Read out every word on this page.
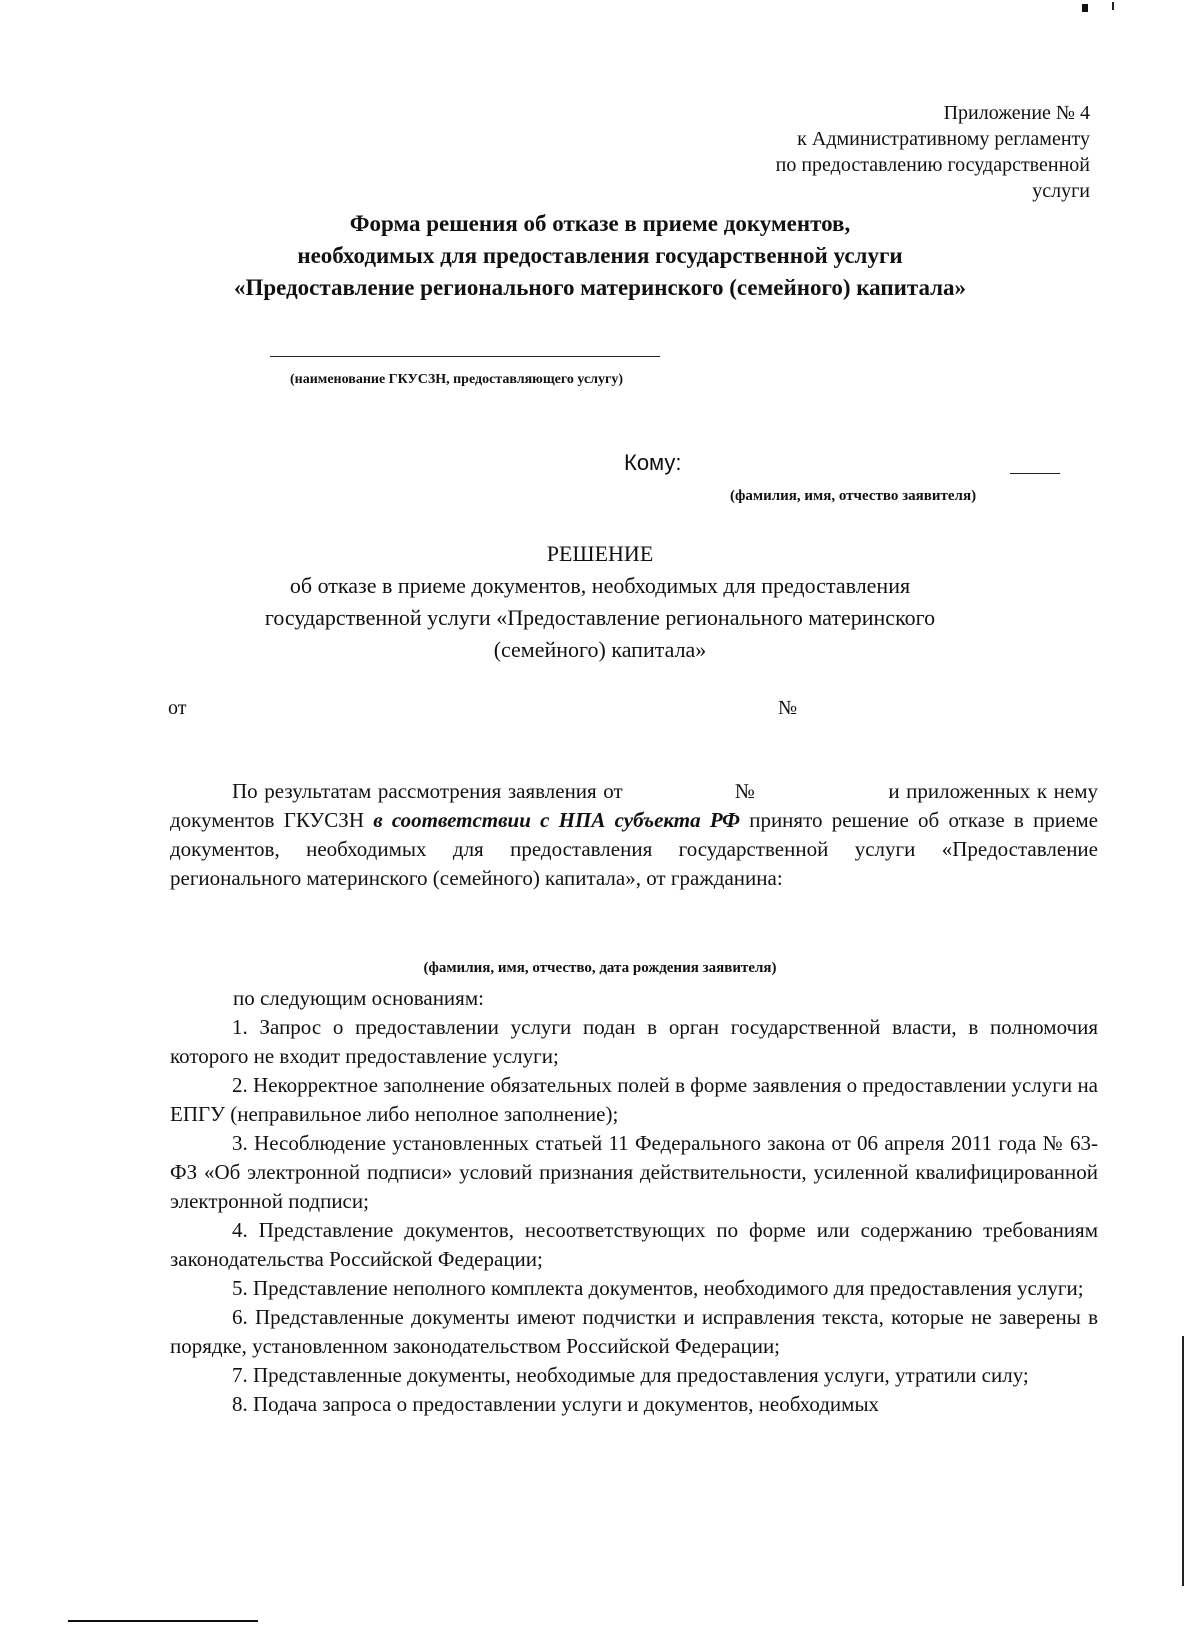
Приложение № 4
к Административному регламенту
по предоставлению государственной
услуги
Форма решения об отказе в приеме документов,
необходимых для предоставления государственной услуги
«Предоставление регионального материнского (семейного) капитала»
(наименование ГКУСЗН, предоставляющего услугу)
Кому:
(фамилия, имя, отчество заявителя)
РЕШЕНИЕ
об отказе в приеме документов, необходимых для предоставления
государственной услуги «Предоставление регионального материнского
(семейного) капитала»
от	№

По результатам рассмотрения заявления от                 №                    и приложенных к нему документов ГКУСЗН в соответствии с НПА субъекта РФ принято решение об отказе в приеме документов, необходимых для предоставления государственной услуги «Предоставление регионального материнского (семейного) капитала», от гражданина:

(фамилия, имя, отчество, дата рождения заявителя)
по следующим основаниям:

1. Запрос о предоставлении услуги подан в орган государственной власти, в полномочия которого не входит предоставление услуги;

2. Некорректное заполнение обязательных полей в форме заявления о предоставлении услуги на ЕПГУ (неправильное либо неполное заполнение);

3. Несоблюдение установленных статьей 11 Федерального закона от 06 апреля 2011 года № 63-ФЗ «Об электронной подписи» условий признания действительности, усиленной квалифицированной электронной подписи;

4. Представление документов, несоответствующих по форме или содержанию требованиям законодательства Российской Федерации;

5. Представление неполного комплекта документов, необходимого для предоставления услуги;

6. Представленные документы имеют подчистки и исправления текста, которые не заверены в порядке, установленном законодательством Российской Федерации;

7. Представленные документы, необходимые для предоставления услуги, утратили силу;

8. Подача запроса о предоставлении услуги и документов, необходимых
